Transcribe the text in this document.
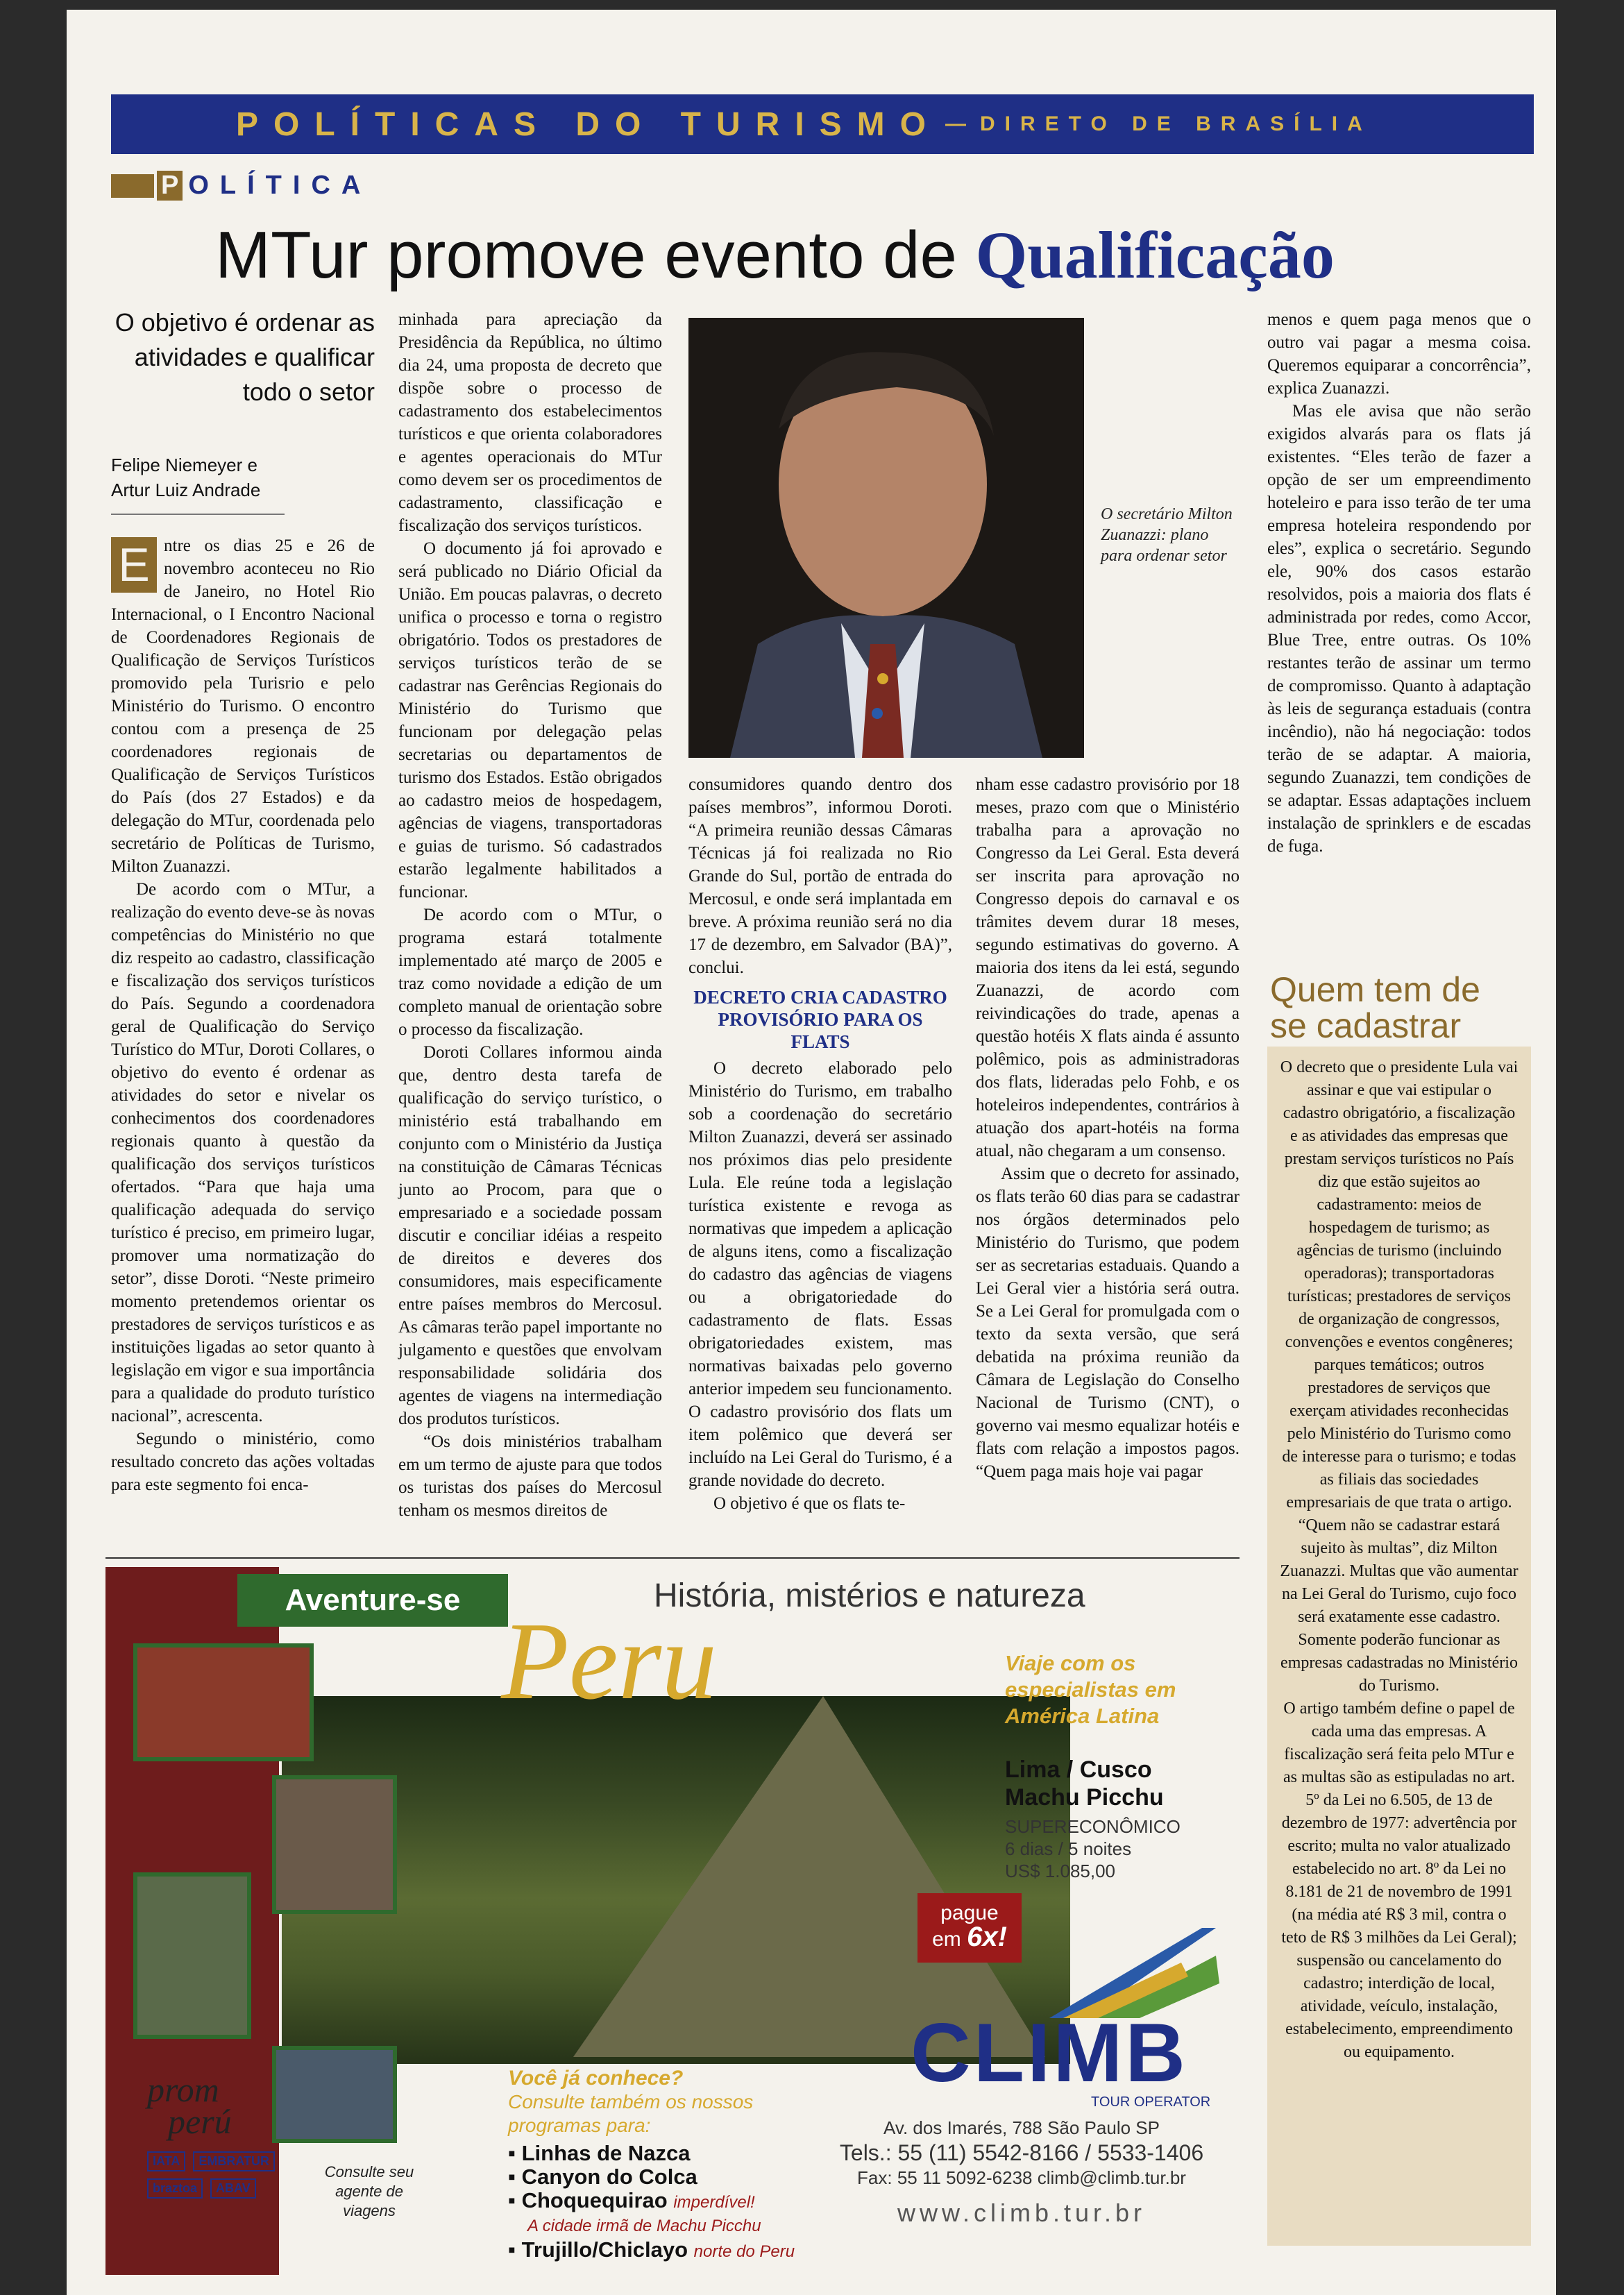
POLÍTICAS DO TURISMO — DIRETO DE BRASÍLIA
P OLÍTICA
MTur promove evento de Qualificação
O objetivo é ordenar as atividades e qualificar todo o setor
Felipe Niemeyer e
Artur Luiz Andrade

E ntre os dias 25 e 26 de novembro aconteceu no Rio de Janeiro, no Hotel Rio Internacional, o I Encontro Nacional de Coordenadores Regionais de Qualificação de Serviços Turísticos promovido pela Turisrio e pelo Ministério do Turismo. O encontro contou com a presença de 25 coordenadores regionais de Qualificação de Serviços Turísticos do País (dos 27 Estados) e da delegação do MTur, coordenada pelo secretário de Políticas de Turismo, Milton Zuanazzi.

De acordo com o MTur, a realização do evento deve-se às novas competências do Ministério no que diz respeito ao cadastro, classificação e fiscalização dos serviços turísticos do País. Segundo a coordenadora geral de Qualificação do Serviço Turístico do MTur, Doroti Collares, o objetivo do evento é ordenar as atividades do setor e nivelar os conhecimentos dos coordenadores regionais quanto à questão da qualificação dos serviços turísticos ofertados. “Para que haja uma qualificação adequada do serviço turístico é preciso, em primeiro lugar, promover uma normatização do setor”, disse Doroti. “Neste primeiro momento pretendemos orientar os prestadores de serviços turísticos e as instituições ligadas ao setor quanto à legislação em vigor e sua importância para a qualidade do produto turístico nacional”, acrescenta.

Segundo o ministério, como resultado concreto das ações voltadas para este segmento foi enca-

minhada para apreciação da Presidência da República, no último dia 24, uma proposta de decreto que dispõe sobre o processo de cadastramento dos estabelecimentos turísticos e que orienta colaboradores e agentes operacionais do MTur como devem ser os procedimentos de cadastramento, classificação e fiscalização dos serviços turísticos.

O documento já foi aprovado e será publicado no Diário Oficial da União. Em poucas palavras, o decreto unifica o processo e torna o registro obrigatório. Todos os prestadores de serviços turísticos terão de se cadastrar nas Gerências Regionais do Ministério do Turismo que funcionam por delegação pelas secretarias ou departamentos de turismo dos Estados. Estão obrigados ao cadastro meios de hospedagem, agências de viagens, transportadoras e guias de turismo. Só cadastrados estarão legalmente habilitados a funcionar.

De acordo com o MTur, o programa estará totalmente implementado até março de 2005 e traz como novidade a edição de um completo manual de orientação sobre o processo da fiscalização.

Doroti Collares informou ainda que, dentro desta tarefa de qualificação do serviço turístico, o ministério está trabalhando em conjunto com o Ministério da Justiça na constituição de Câmaras Técnicas junto ao Procom, para que o empresariado e a sociedade possam discutir e conciliar idéias a respeito de direitos e deveres dos consumidores, mais especificamente entre países membros do Mercosul. As câmaras terão papel importante no julgamento e questões que envolvam responsabilidade solidária dos agentes de viagens na intermediação dos produtos turísticos.

“Os dois ministérios trabalham em um termo de ajuste para que todos os turistas dos países do Mercosul tenham os mesmos direitos de

O secretário Milton Zuanazzi: plano para ordenar setor

consumidores quando dentro dos países membros”, informou Doroti. “A primeira reunião dessas Câmaras Técnicas já foi realizada no Rio Grande do Sul, portão de entrada do Mercosul, e onde será implantada em breve. A próxima reunião será no dia 17 de dezembro, em Salvador (BA)”, conclui.

DECRETO CRIA CADASTRO PROVISÓRIO PARA OS FLATS

O decreto elaborado pelo Ministério do Turismo, em trabalho sob a coordenação do secretário Milton Zuanazzi, deverá ser assinado nos próximos dias pelo presidente Lula. Ele reúne toda a legislação turística existente e revoga as normativas que impedem a aplicação de alguns itens, como a fiscalização do cadastro das agências de viagens ou a obrigatoriedade do cadastramento de flats. Essas obrigatoriedades existem, mas normativas baixadas pelo governo anterior impedem seu funcionamento. O cadastro provisório dos flats um item polêmico que deverá ser incluído na Lei Geral do Turismo, é a grande novidade do decreto.

O objetivo é que os flats te-

nham esse cadastro provisório por 18 meses, prazo com que o Ministério trabalha para a aprovação no Congresso da Lei Geral. Esta deverá ser inscrita para aprovação no Congresso depois do carnaval e os trâmites devem durar 18 meses, segundo estimativas do governo. A maioria dos itens da lei está, segundo Zuanazzi, de acordo com reivindicações do trade, apenas a questão hotéis X flats ainda é assunto polêmico, pois as administradoras dos flats, lideradas pelo Fohb, e os hoteleiros independentes, contrários à atuação dos apart-hotéis na forma atual, não chegaram a um consenso.

Assim que o decreto for assinado, os flats terão 60 dias para se cadastrar nos órgãos determinados pelo Ministério do Turismo, que podem ser as secretarias estaduais. Quando a Lei Geral vier a história será outra. Se a Lei Geral for promulgada com o texto da sexta versão, que será debatida na próxima reunião da Câmara de Legislação do Conselho Nacional de Turismo (CNT), o governo vai mesmo equalizar hotéis e flats com relação a impostos pagos. “Quem paga mais hoje vai pagar

menos e quem paga menos que o outro vai pagar a mesma coisa. Queremos equiparar a concorrência”, explica Zuanazzi.

Mas ele avisa que não serão exigidos alvarás para os flats já existentes. “Eles terão de fazer a opção de ser um empreendimento hoteleiro e para isso terão de ter uma empresa hoteleira respondendo por eles”, explica o secretário. Segundo ele, 90% dos casos estarão resolvidos, pois a maioria dos flats é administrada por redes, como Accor, Blue Tree, entre outras. Os 10% restantes terão de assinar um termo de compromisso. Quanto à adaptação às leis de segurança estaduais (contra incêndio), não há negociação: todos terão de se adaptar. A maioria, segundo Zuanazzi, tem condições de se adaptar. Essas adaptações incluem instalação de sprinklers e de escadas de fuga.

Quem tem de
se cadastrar

O decreto que o presidente Lula vai assinar e que vai estipular o cadastro obrigatório, a fiscalização e as atividades das empresas que prestam serviços turísticos no País diz que estão sujeitos ao cadastramento: meios de hospedagem de turismo; as agências de turismo (incluindo operadoras); transportadoras turísticas; prestadores de serviços de organização de congressos, convenções e eventos congêneres; parques temáticos; outros prestadores de serviços que exerçam atividades reconhecidas pelo Ministério do Turismo como de interesse para o turismo; e todas as filiais das sociedades empresariais de que trata o artigo. “Quem não se cadastrar estará sujeito às multas”, diz Milton Zuanazzi. Multas que vão aumentar na Lei Geral do Turismo, cujo foco será exatamente esse cadastro.

Somente poderão funcionar as empresas cadastradas no Ministério do Turismo.

O artigo também define o papel de cada uma das empresas. A fiscalização será feita pelo MTur e as multas são as estipuladas no art. 5º da Lei no 6.505, de 13 de dezembro de 1977: advertência por escrito; multa no valor atualizado estabelecido no art. 8º da Lei no 8.181 de 21 de novembro de 1991 (na média até R$ 3 mil, contra o teto de R$ 3 milhões da Lei Geral); suspensão ou cancelamento do cadastro; interdição de local, atividade, veículo, instalação, estabelecimento, empreendimento ou equipamento.

Aventure-se	História, mistérios e natureza
Peru	Viaje com os especialistas em América Latina
Lima / Cusco
Machu Picchu
SUPERECONÔMICO
6 dias / 5 noites
US$ 1.085,00
pague
em 6x!
CLIMB
TOUR OPERATOR
Av. dos Imarés, 788 São Paulo SP
Tels.: 55 (11) 5542-8166 / 5533-1406
Fax: 55 11 5092-6238 climb@climb.tur.br
www.climb.tur.br
Você já conhece?
Consulte também os nossos programas para:
▪ Linhas de Nazca
▪ Canyon do Colca
▪ Choquequirao imperdível!
A cidade irmã de Machu Picchu
▪ Trujillo/Chiclayo norte do Peru
prom
perú
IATA EMBRATUR braztoa ABAV
Consulte seu agente de viagens
